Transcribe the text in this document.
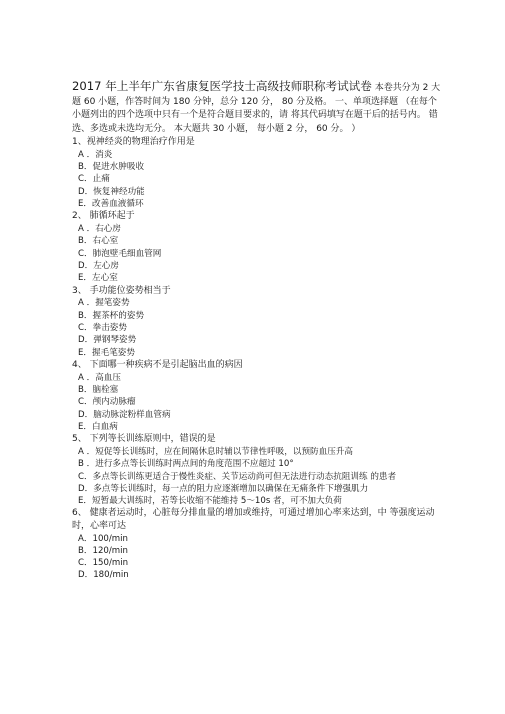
2017 年上半年广东省康复医学技士高级技师职称考试试卷 本卷共分为 2 大题 60 小题，作答时间为 180 分钟，总分 120 分， 80 分及格。 一、单项选择题 （在每个小题列出的四个选项中只有一个是符合题目要求的，请 将其代码填写在题干后的括号内。 错选、多选或未选均无分。 本大题共 30 小题， 每小题 2 分， 60 分。 ）

1、视神经炎的物理治疗作用是

A ．消炎

B．促进水肿吸收

C．止痛

D．恢复神经功能

E．改善血液循环

2、 肺循环起于

A ．右心房

B．右心室

C．肺泡壁毛细血管网

D．左心房

E．左心室

3、 手功能位姿势相当于

A ．握笔姿势

B．握茶杯的姿势

C．拳击姿势

D．弹钢琴姿势

E．握毛笔姿势

4、 下面哪一种疾病不是引起脑出血的病因

A ．高血压

B．脑栓塞

C．颅内动脉瘤

D．脑动脉淀粉样血管病

E．白血病

5、 下列等长训练原则中，错误的是

A ．短促等长训练时，应在间隔休息时辅以节律性呼吸，以预防血压升高

B ．进行多点等长训练时两点间的角度范围不应超过 10°

C．多点等长训练更适合于慢性炎症、关节运动尚可但无法进行动态抗阻训练 的患者

D．多点等长训练时，每一点的阻力应逐渐增加以确保在无痛条件下增强肌力

E．短暂最大训练时，若等长收缩不能维持 5～10s 者，可不加大负荷

6、 健康者运动时，心脏每分排血量的增加或维持，可通过增加心率来达到，中 等强度运动时，心率可达

A．100/min

B．120/min

C．150/min

D．180/min
